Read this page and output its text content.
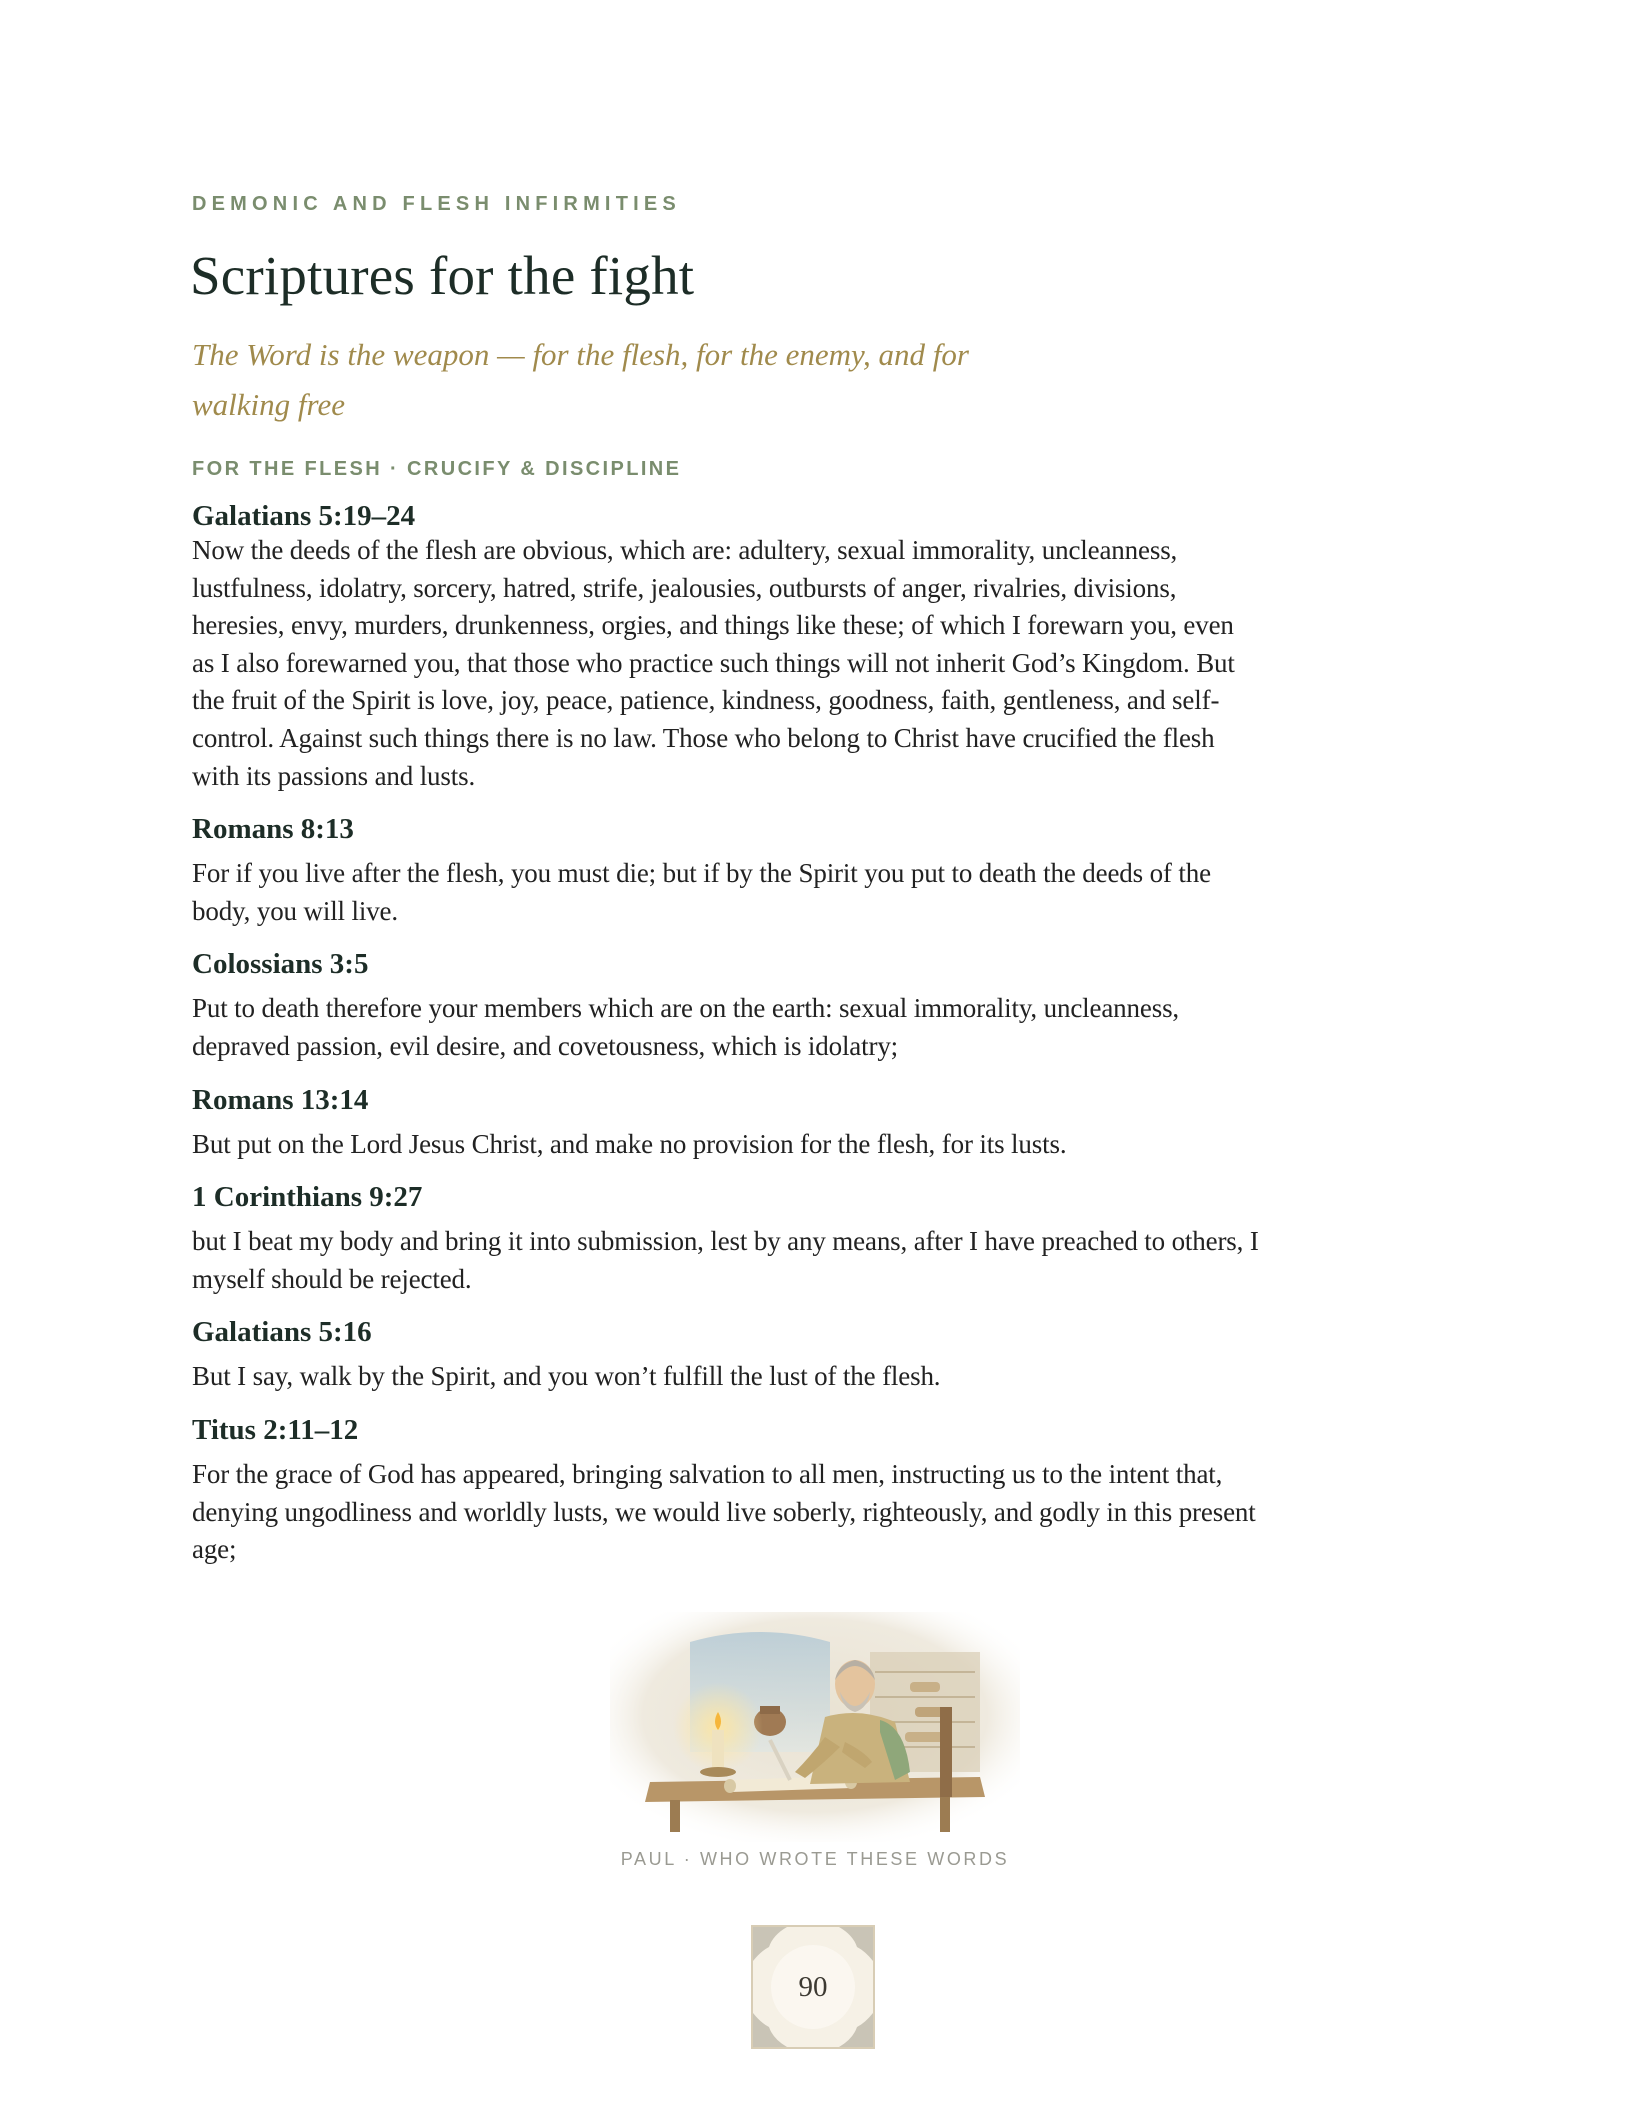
DEMONIC AND FLESH INFIRMITIES
Scriptures for the fight
The Word is the weapon — for the flesh, for the enemy, and for walking free
FOR THE FLESH · CRUCIFY & DISCIPLINE

Galatians 5:19–24

Now the deeds of the flesh are obvious, which are: adultery, sexual immorality, uncleanness, lustfulness, idolatry, sorcery, hatred, strife, jealousies, outbursts of anger, rivalries, divisions, heresies, envy, murders, drunkenness, orgies, and things like these; of which I forewarn you, even as I also forewarned you, that those who practice such things will not inherit God’s Kingdom. But the fruit of the Spirit is love, joy, peace, patience, kindness, goodness, faith, gentleness, and self-control. Against such things there is no law. Those who belong to Christ have crucified the flesh with its passions and lusts.

Romans 8:13

For if you live after the flesh, you must die; but if by the Spirit you put to death the deeds of the body, you will live.

Colossians 3:5

Put to death therefore your members which are on the earth: sexual immorality, uncleanness, depraved passion, evil desire, and covetousness, which is idolatry;

Romans 13:14

But put on the Lord Jesus Christ, and make no provision for the flesh, for its lusts.

1 Corinthians 9:27

but I beat my body and bring it into submission, lest by any means, after I have preached to others, I myself should be rejected.

Galatians 5:16

But I say, walk by the Spirit, and you won’t fulfill the lust of the flesh.

Titus 2:11–12

For the grace of God has appeared, bringing salvation to all men, instructing us to the intent that, denying ungodliness and worldly lusts, we would live soberly, righteously, and godly in this present age;

PAUL · WHO WROTE THESE WORDS
90
